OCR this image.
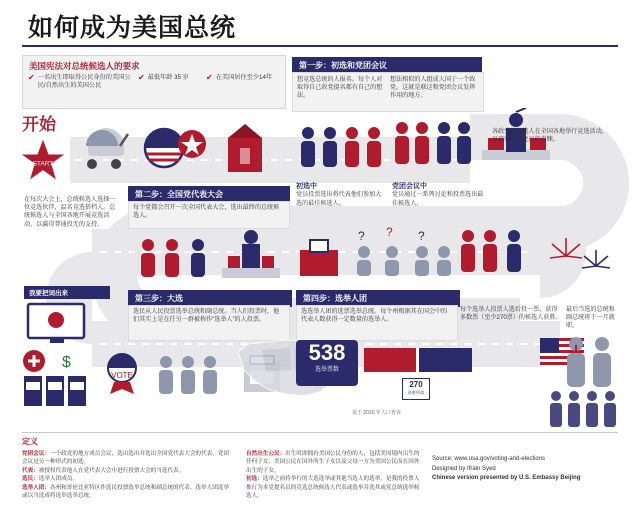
如何成为美国总统
美国宪法对总统候选人的要求
✔ 一名出生即取得公民身份的美国公民/自然出生的美国公民
✔ 最低年龄 35 岁 ✔ 在美国居住至少14年
开始
START
第一步：初选和党团会议
想竞选总统的人报名。每个人对取得自己政党提名都有自己的想法。
想法相似的人组成人国于一个政党。这就是联这和党团会议发挥作用的地方。
初选中
党员投票选出将代表他们参加大选的最佳候选人。
党团会议中
党员通过一系列讨论和投票选出最佳候选人。
各政党的候选人在全国各地举行竞选活动，以赢得本党党员的青睐。
第二步：全国党代表大会
每个党都会召开一次全国代表大会，选出最终的总统候选人。
在每次大会上，总统候选人选择一位竞选伙伴，温名竞选搭档人。总统候选人与全国各地开展竞选活动，以赢得普通投无的支持。
? ? ?
第三步：大选
选民从人民投票选举总统和副总统。当人们投票时，他们其实上是在任另一群被称作“选举人”的人投票。
我要把词出来
$
VOTE
第四步：选举人团
选选举人团的选票选举总统。每个州根据其在国会中的代表人数获得一定数量的选举人。
每个选举人投票人选后投一票，获得多数票（至少270票）的候选人获胜。
最后当选的总统和副总统将于一月就职。
538
选举票数
270
获胜所需
基于 2020 年人口普查
定义
党团会议：一个政党的地方成员会议，选出选出并选出全国党代表大会的代表。党团会议是另一种形式的初选。
代表：被授权代表他人在党代表大会中进行投票大会的当选代表。
选民：选举人团成员。
选举人团：各州和哥伦比亚特区作选民投票选举总统和副总统的代表。选举人团选举或以当选成将选举选举总统。
自然出生公民：出生时即拥有美国公民身份的人，包括美国境内出生的任何子女、美国公民在国外所生子女以及父母一方为美国公民而在国外出生的子女。
初选：选举之前将举行的大选选举或其他当选人的选举。是我的投票人推行为本党提名员的竞选总统候选人代表或选举并选其或党总统选举候选人。
Source: www.usa.gov/voting-and-elections
Designed by Ifrain Syed
Chinese version presented by U.S. Embassy Beijing
